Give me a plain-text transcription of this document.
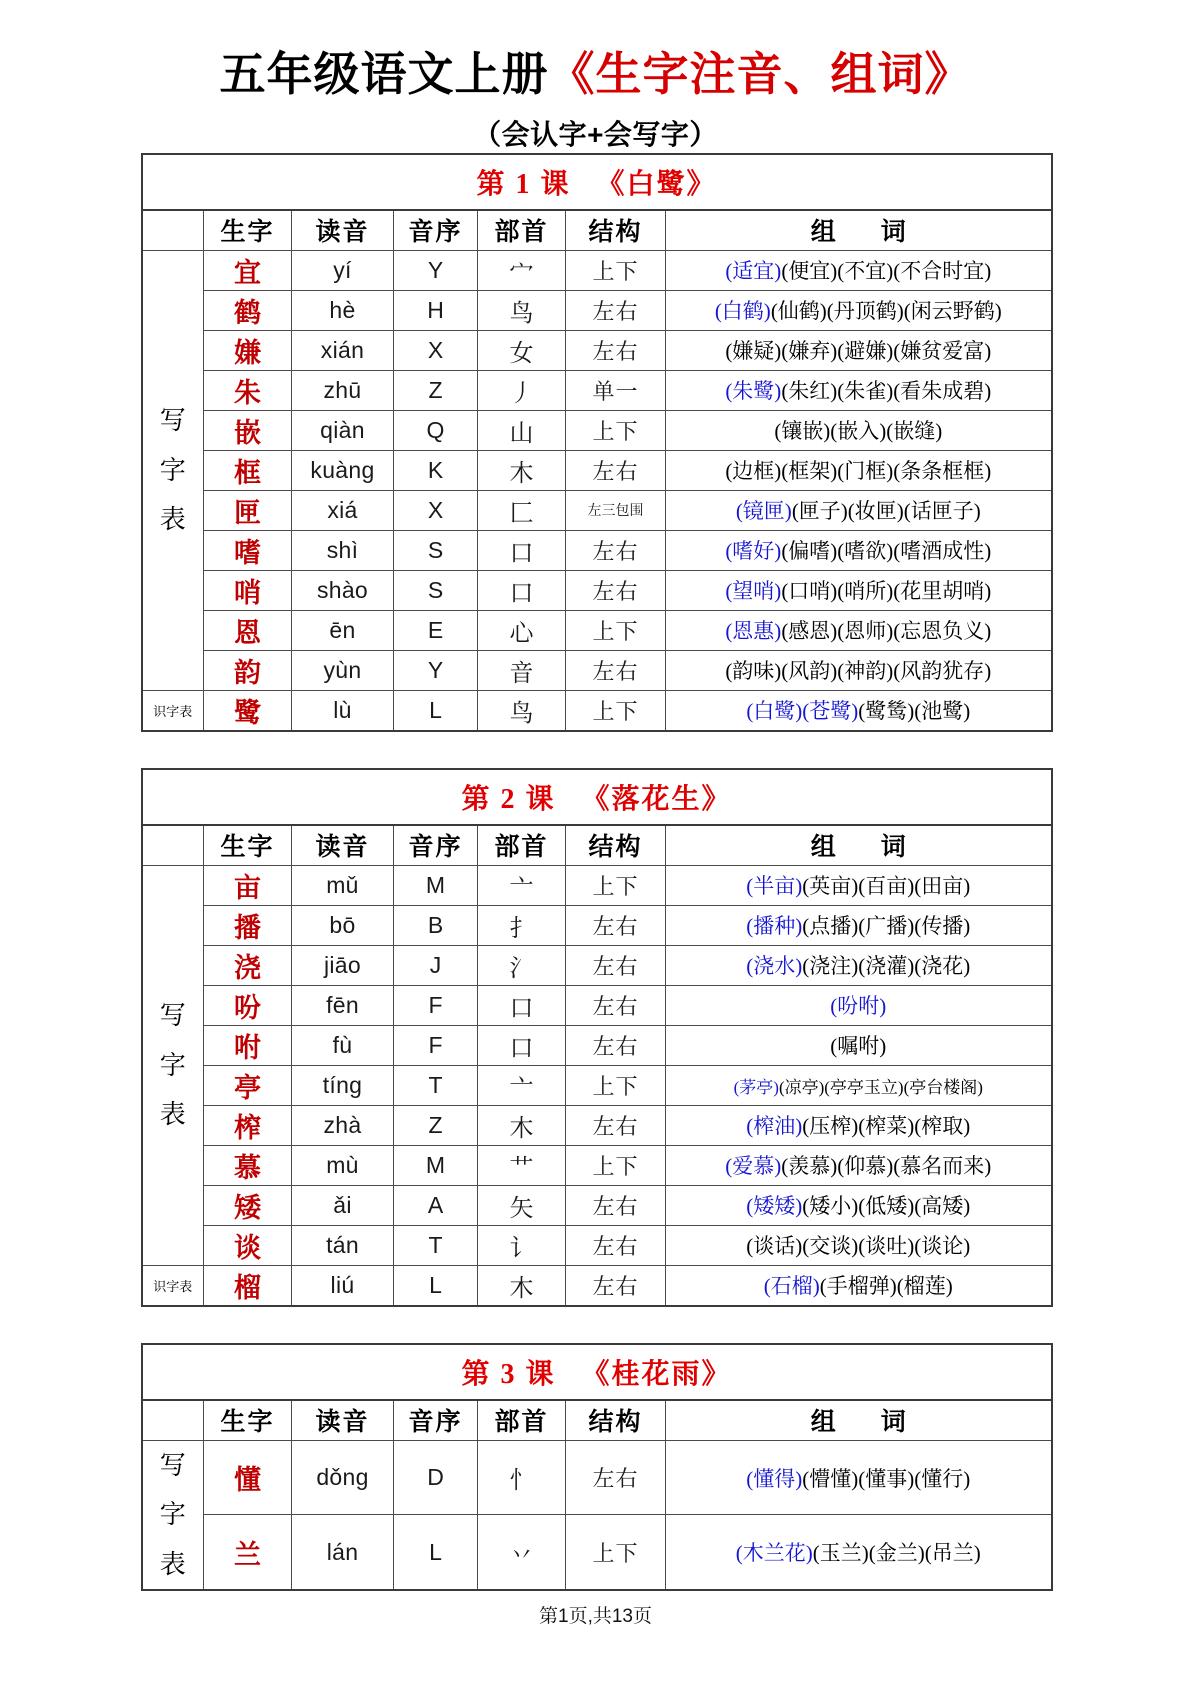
五年级语文上册《生字注音、组词》
（会认字+会写字）
第 1 课 《白鹭》						
	生字	读音	音序	部首	结构	组　词

写
字
表	宜	yí	Y	宀	上下	(适宜)(便宜)(不宜)(不合时宜)
	鹤	hè	H	鸟	左右	(白鹤)(仙鹤)(丹顶鹤)(闲云野鹤)
	嫌	xián	X	女	左右	(嫌疑)(嫌弃)(避嫌)(嫌贫爱富)
	朱	zhū	Z	丿	单一	(朱鹭)(朱红)(朱雀)(看朱成碧)
	嵌	qiàn	Q	山	上下	(镶嵌)(嵌入)(嵌缝)
	框	kuàng	K	木	左右	(边框)(框架)(门框)(条条框框)
	匣	xiá	X	匚	左三包围	(镜匣)(匣子)(妆匣)(话匣子)
	嗜	shì	S	口	左右	(嗜好)(偏嗜)(嗜欲)(嗜酒成性)
	哨	shào	S	口	左右	(望哨)(口哨)(哨所)(花里胡哨)
	恩	ēn	E	心	上下	(恩惠)(感恩)(恩师)(忘恩负义)
	韵	yùn	Y	音	左右	(韵味)(风韵)(神韵)(风韵犹存)
识字表	鹭	lù	L	鸟	上下	(白鹭)(苍鹭)(鹭鸶)(池鹭)
第 2 课 《落花生》						
	生字	读音	音序	部首	结构	组　词

写
字
表	亩	mǔ	M	亠	上下	(半亩)(英亩)(百亩)(田亩)
	播	bō	B	扌	左右	(播种)(点播)(广播)(传播)
	浇	jiāo	J	氵	左右	(浇水)(浇注)(浇灌)(浇花)
	吩	fēn	F	口	左右	(吩咐)
	咐	fù	F	口	左右	(嘱咐)
	亭	tíng	T	亠	上下	(茅亭)(凉亭)(亭亭玉立)(亭台楼阁)
	榨	zhà	Z	木	左右	(榨油)(压榨)(榨菜)(榨取)
	慕	mù	M	艹	上下	(爱慕)(羡慕)(仰慕)(慕名而来)
	矮	ǎi	A	矢	左右	(矮矮)(矮小)(低矮)(高矮)
	谈	tán	T	讠	左右	(谈话)(交谈)(谈吐)(谈论)
识字表	榴	liú	L	木	左右	(石榴)(手榴弹)(榴莲)
第 3 课 《桂花雨》						
	生字	读音	音序	部首	结构	组　词

写
字
表	懂	dǒng	D	忄	左右	(懂得)(懵懂)(懂事)(懂行)
	兰	lán	L	丷	上下	(木兰花)(玉兰)(金兰)(吊兰)
第1页,共13页
